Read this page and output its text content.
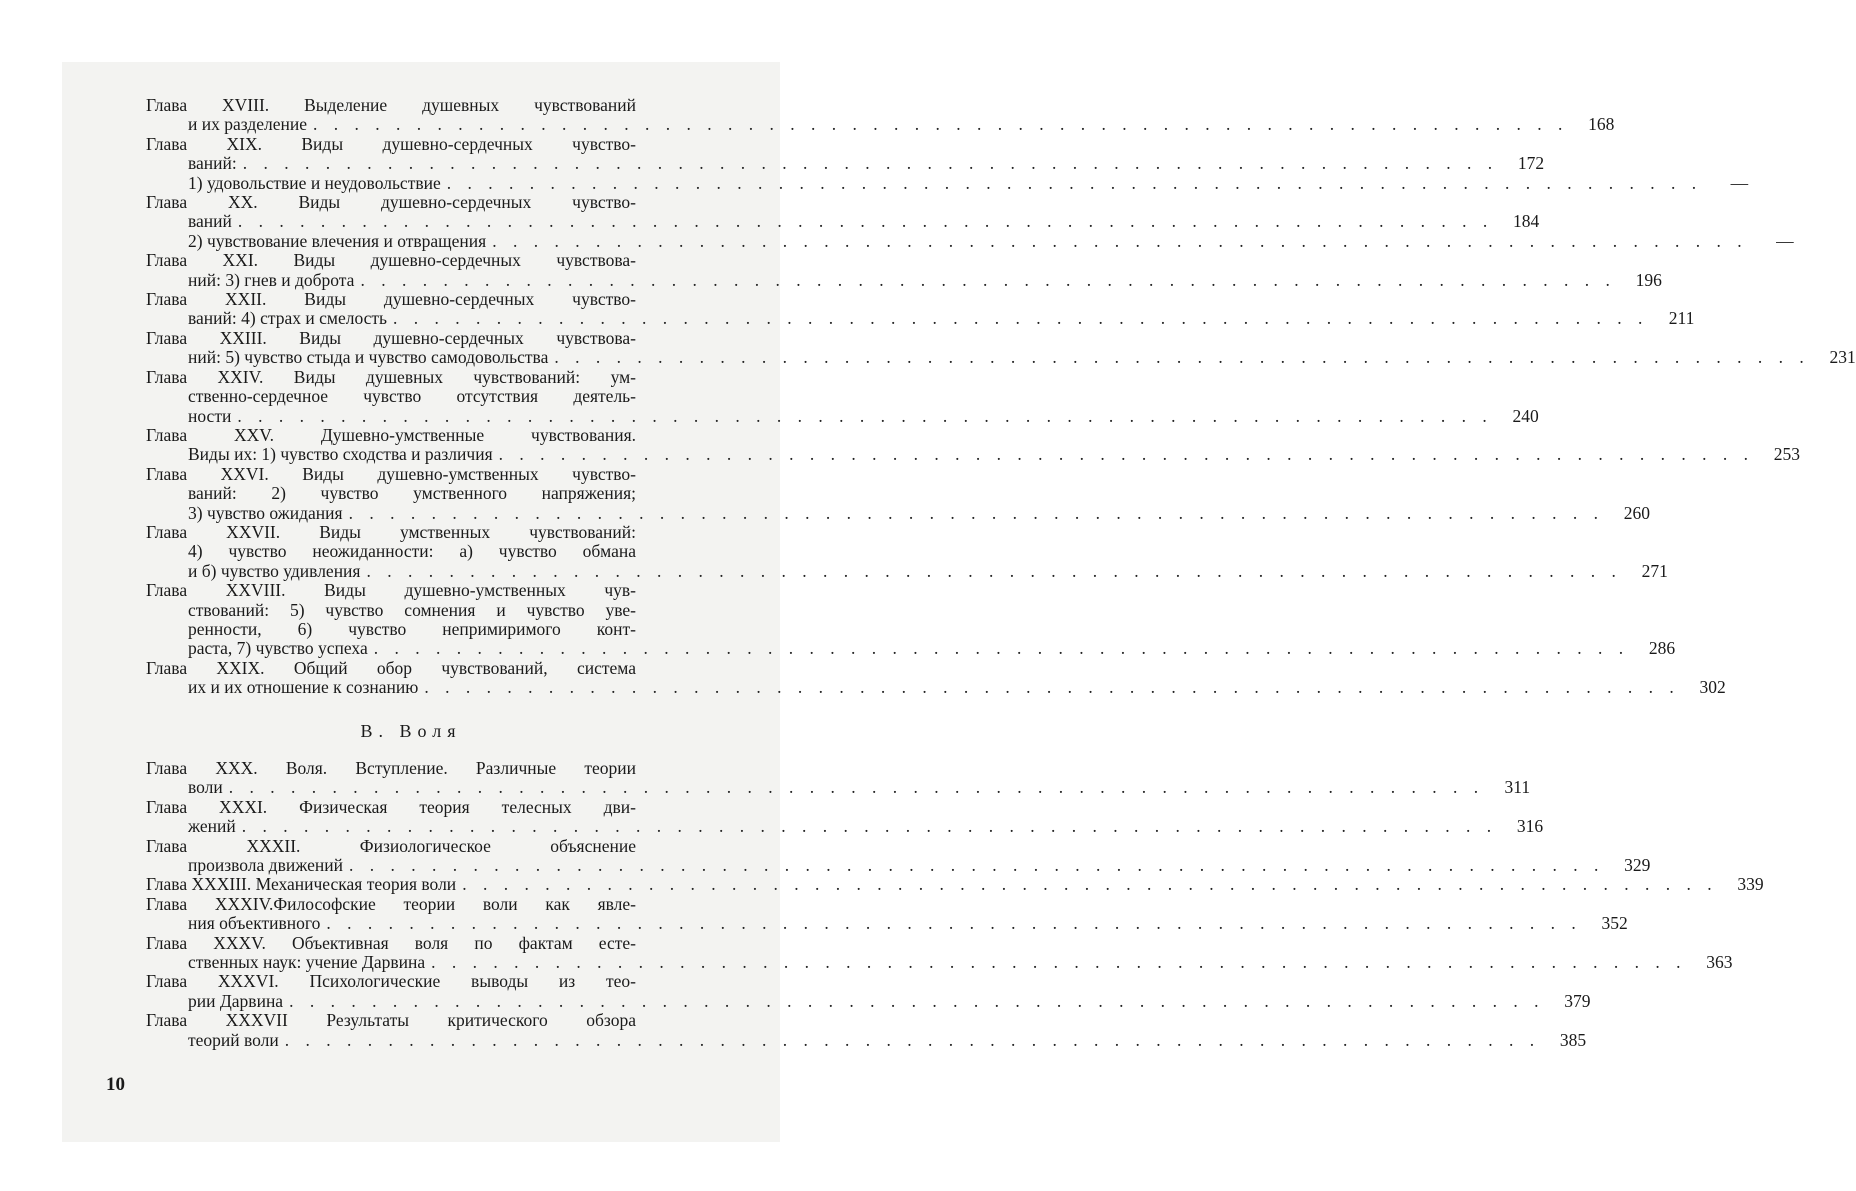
Глава XVIII. Выделение душевных чувствований
и их разделение . . .	168
Глава XIX. Виды душевно-сердечных чувство-
ваний: . . .	172
1) удовольствие и неудовольствие . . .	—
Глава XX. Виды душевно-сердечных чувство-
ваний . . .	184
2) чувствование влечения и отвращения . . .	—
Глава XXI. Виды душевно-сердечных чувствова-
ний: 3) гнев и доброта . . .	196
Глава XXII. Виды душевно-сердечных чувство-
ваний: 4) страх и смелость . . .	211
Глава XXIII. Виды душевно-сердечных чувствова-
ний: 5) чувство стыда и чувство самодовольства . . .	231
Глава XXIV. Виды душевных чувствований: ум-
ственно-сердечное чувство отсутствия деятель-
ности . . .	240
Глава XXV. Душевно-умственные чувствования.
Виды их: 1) чувство сходства и различия . . .	253
Глава XXVI. Виды душевно-умственных чувство-
ваний: 2) чувство умственного напряжения;
3) чувство ожидания . . .	260
Глава XXVII. Виды умственных чувствований:
4) чувство неожиданности: а) чувство обмана
и б) чувство удивления . . .	271
Глава XXVIII. Виды душевно-умственных чув-
ствований: 5) чувство сомнения и чувство уве-
ренности, 6) чувство непримиримого конт-
раста, 7) чувство успеха . . .	286
Глава XXIX. Общий обор чувствований, система
их и их отношение к сознанию . . .	302
В. Воля
Глава XXX. Воля. Вступление. Различные теории
воли . . .	311
Глава XXXI. Физическая теория телесных дви-
жений . . .	316
Глава XXXII. Физиологическое объяснение
произвола движений . . .	329
Глава XXXIII. Механическая теория воли . . .	339
Глава XXXIV.Философские теории воли как явле-
ния объективного . . .	352
Глава XXXV. Объективная воля по фактам есте-
ственных наук: учение Дарвина . . .	363
Глава XXXVI. Психологические выводы из тео-
рии Дарвина . . .	379
Глава XXXVII Результаты критического обзора
теорий воли . . .	385
10
